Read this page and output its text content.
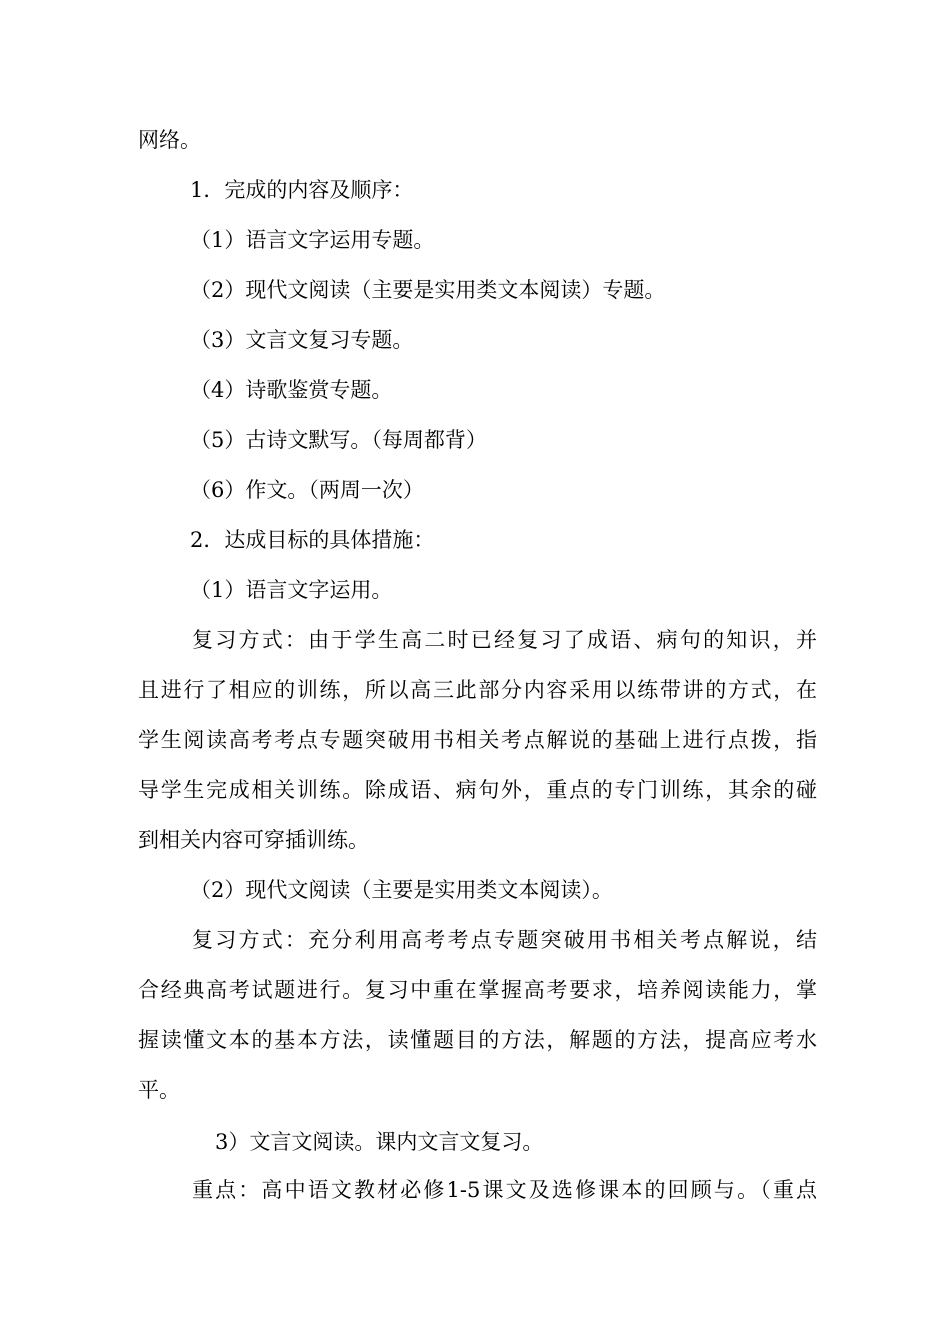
网络。
1．完成的内容及顺序：
（1）语言文字运用专题。
（2）现代文阅读（主要是实用类文本阅读）专题。
（3）文言文复习专题。
（4）诗歌鉴赏专题。
（5）古诗文默写。（每周都背）
（6）作文。（两周一次）
2．达成目标的具体措施：
（1）语言文字运用。
复习方式：由于学生高二时已经复习了成语、病句的知识，并
且进行了相应的训练，所以高三此部分内容采用以练带讲的方式，在
学生阅读高考考点专题突破用书相关考点解说的基础上进行点拨，指
导学生完成相关训练。除成语、病句外，重点的专门训练，其余的碰
到相关内容可穿插训练。
（2）现代文阅读（主要是实用类文本阅读）。
复习方式：充分利用高考考点专题突破用书相关考点解说，结
合经典高考试题进行。复习中重在掌握高考要求，培养阅读能力，掌
握读懂文本的基本方法，读懂题目的方法，解题的方法，提高应考水
平。
3）文言文阅读。课内文言文复习。
重点：高中语文教材必修1-5课文及选修课本的回顾与。（重点
